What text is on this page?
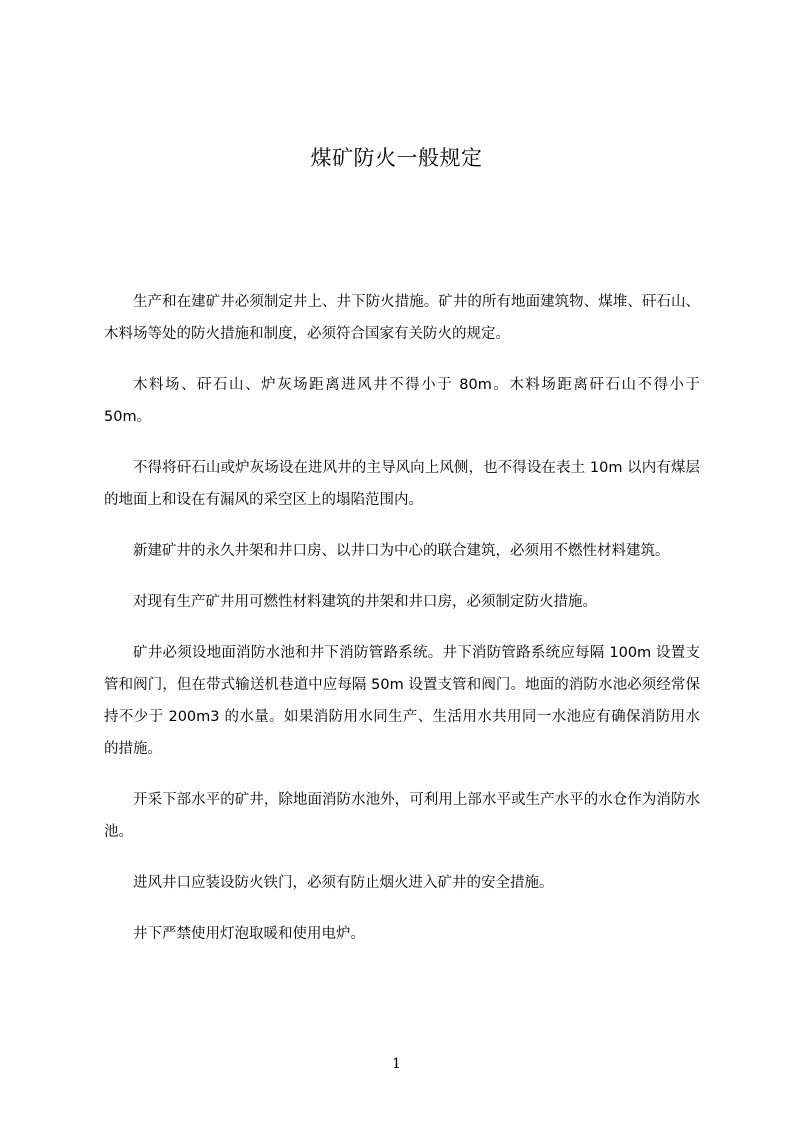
煤矿防火一般规定

生产和在建矿井必须制定井上、井下防火措施。矿井的所有地面建筑物、煤堆、矸石山、木料场等处的防火措施和制度，必须符合国家有关防火的规定。

木料场、矸石山、炉灰场距离进风井不得小于 80m。木料场距离矸石山不得小于 50m。

不得将矸石山或炉灰场设在进风井的主导风向上风侧，也不得设在表土 10m 以内有煤层的地面上和设在有漏风的采空区上的塌陷范围内。

新建矿井的永久井架和井口房、以井口为中心的联合建筑，必须用不燃性材料建筑。

对现有生产矿井用可燃性材料建筑的井架和井口房，必须制定防火措施。

矿井必须设地面消防水池和井下消防管路系统。井下消防管路系统应每隔 100m 设置支管和阀门，但在带式输送机巷道中应每隔 50m 设置支管和阀门。地面的消防水池必须经常保持不少于 200m3 的水量。如果消防用水同生产、生活用水共用同一水池应有确保消防用水的措施。

开采下部水平的矿井，除地面消防水池外，可利用上部水平或生产水平的水仓作为消防水池。

进风井口应装设防火铁门，必须有防止烟火进入矿井的安全措施。

井下严禁使用灯泡取暖和使用电炉。

1
